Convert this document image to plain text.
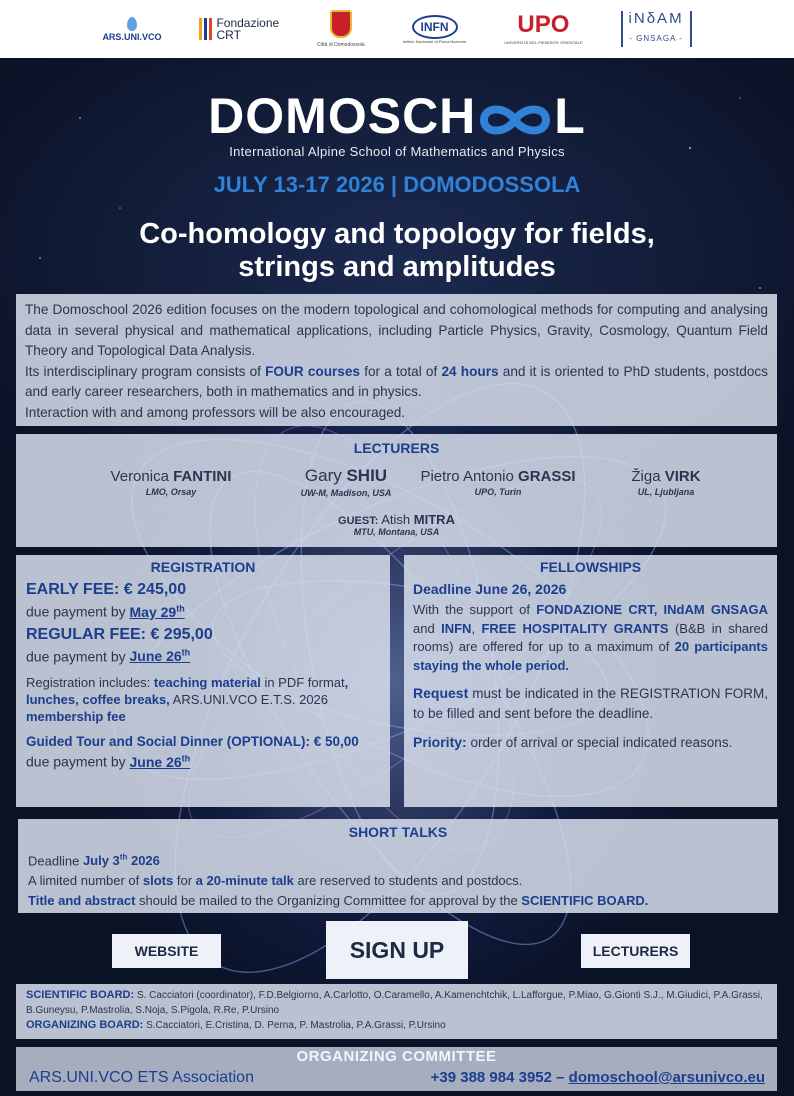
ARS.UNI.VCO
Fondazione
CRT
Città di Domodossola
INFN
Istituto Nazionale di Fisica Nucleare
UPO
UNIVERSITÀ DEL PIEMONTE ORIENTALE
iNδAM
- GNSAGA -
DOMOSCH L
International Alpine School of Mathematics and Physics
JULY 13-17 2026 | DOMODOSSOLA
Co-homology and topology for fields,
strings and amplitudes
The Domoschool 2026 edition focuses on the modern topological and cohomological methods for computing and analysing data in several physical and mathematical applications, including Particle Physics, Gravity, Cosmology, Quantum Field Theory and Topological Data Analysis.
Its interdisciplinary program consists of FOUR courses for a total of 24 hours and it is oriented to PhD students, postdocs and early career researchers, both in mathematics and in physics.
Interaction with and among professors will be also encouraged.
LECTURERS
Veronica FANTINI
LMO, Orsay
Gary SHIU
UW-M, Madison, USA
Pietro Antonio GRASSI
UPO, Turin
Žiga VIRK
UL, Ljubljana
GUEST: Atish MITRA
MTU, Montana, USA
REGISTRATION
EARLY FEE: € 245,00
due payment by May 29th
REGULAR FEE: € 295,00
due payment by June 26th
Registration includes: teaching material in PDF format, lunches, coffee breaks, ARS.UNI.VCO E.T.S. 2026 membership fee
Guided Tour and Social Dinner (OPTIONAL): € 50,00
due payment by June 26th
FELLOWSHIPS
Deadline June 26, 2026
With the support of FONDAZIONE CRT, INdAM GNSAGA and INFN, FREE HOSPITALITY GRANTS (B&B in shared rooms) are offered for up to a maximum of 20 participants staying the whole period.
Request must be indicated in the REGISTRATION FORM, to be filled and sent before the deadline.
Priority: order of arrival or special indicated reasons.
SHORT TALKS
Deadline July 3th 2026
A limited number of slots for a 20-minute talk are reserved to students and postdocs.
Title and abstract should be mailed to the Organizing Committee for approval by the SCIENTIFIC BOARD.
WEBSITE	SIGN UP	LECTURERS
SCIENTIFIC BOARD: S. Cacciatori (coordinator), F.D.Belgiorno, A.Carlotto, O.Caramello, A.Kamenchtchik, L.Lafforgue, P.Miao, G.Gionti S.J., M.Giudici, P.A.Grassi, B.Guneysu, P.Mastrolia, S.Noja, S.Pigola, R.Re, P.Ursino
ORGANIZING BOARD: S.Cacciatori, E.Cristina, D. Perna, P. Mastrolia, P.A.Grassi, P.Ursino
ORGANIZING COMMITTEE
ARS.UNI.VCO ETS Association	+39 388 984 3952 – domoschool@arsunivco.eu
